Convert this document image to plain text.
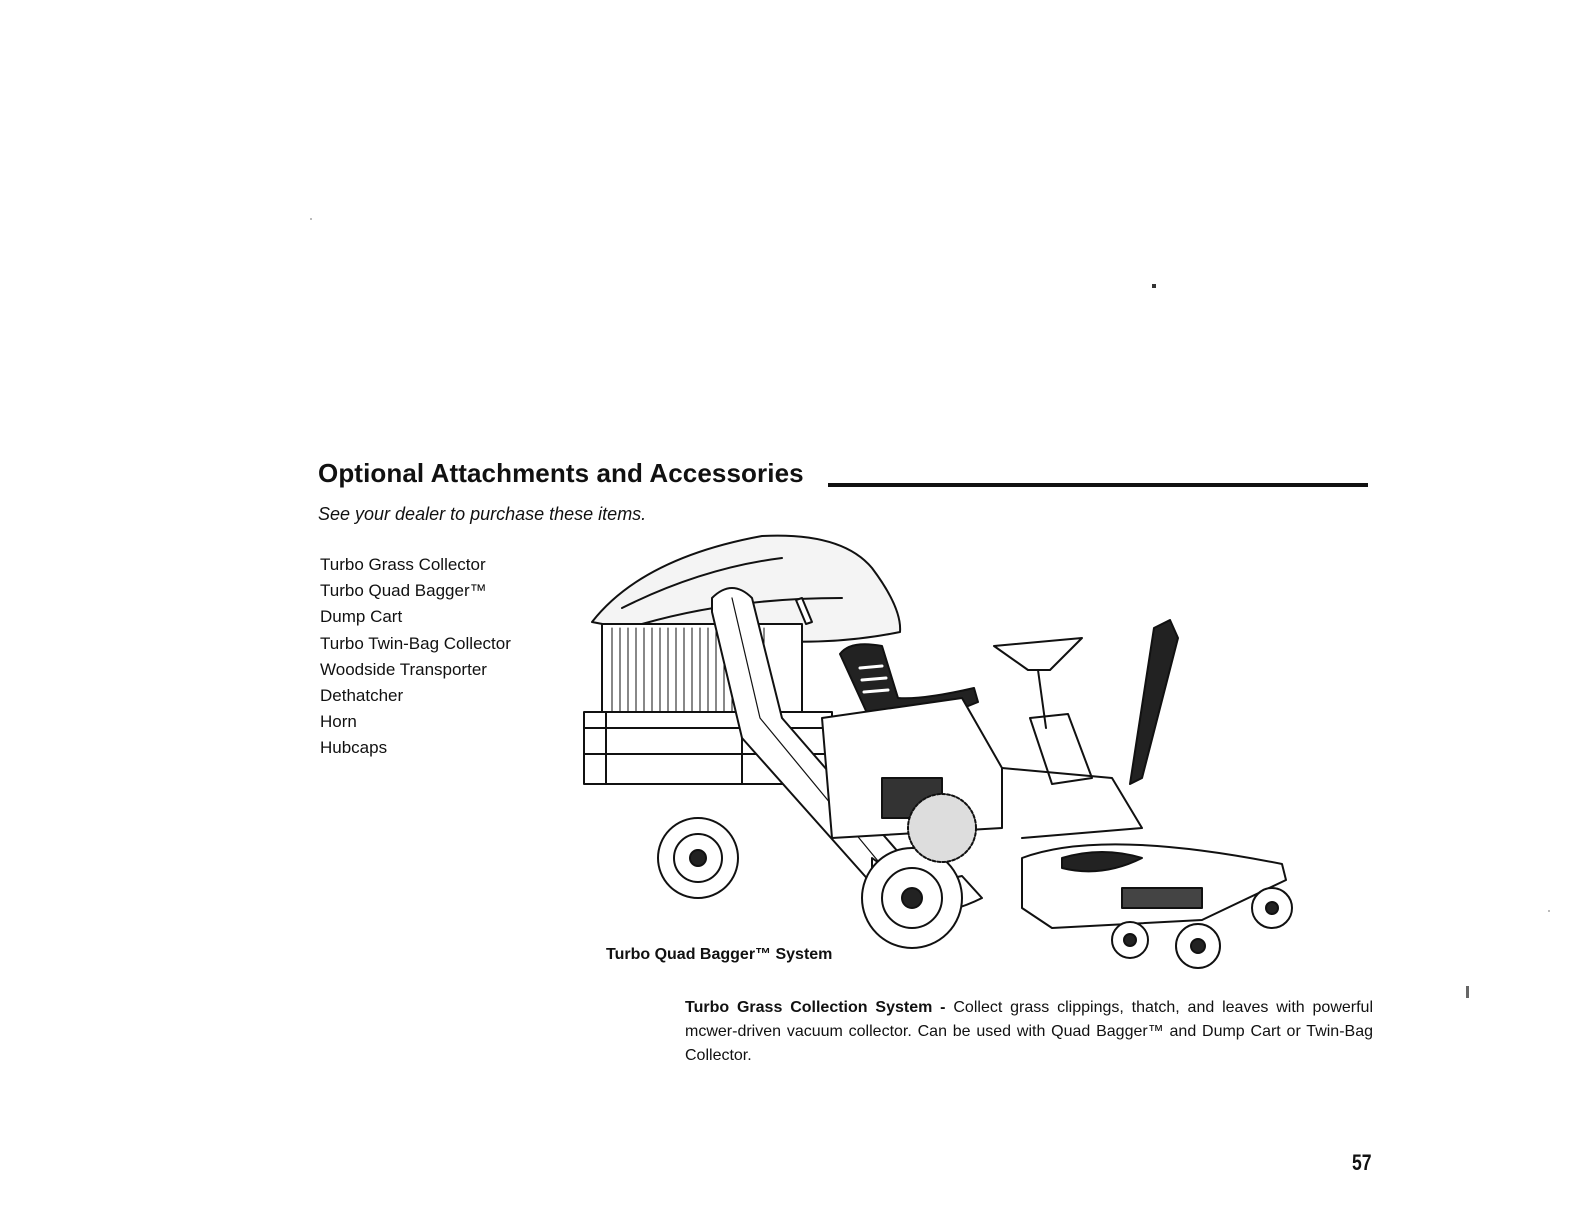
Optional Attachments and Accessories
See your dealer to purchase these items.
Turbo Grass Collector
Turbo Quad Bagger™
Dump Cart
Turbo Twin-Bag Collector
Woodside Transporter
Dethatcher
Horn
Hubcaps
Turbo Quad Bagger™ System
Turbo Grass Collection System - Collect grass clippings, thatch, and leaves with powerful mcwer-driven vacuum collector. Can be used with Quad Bagger™ and Dump Cart or Twin-Bag Collector.
57
